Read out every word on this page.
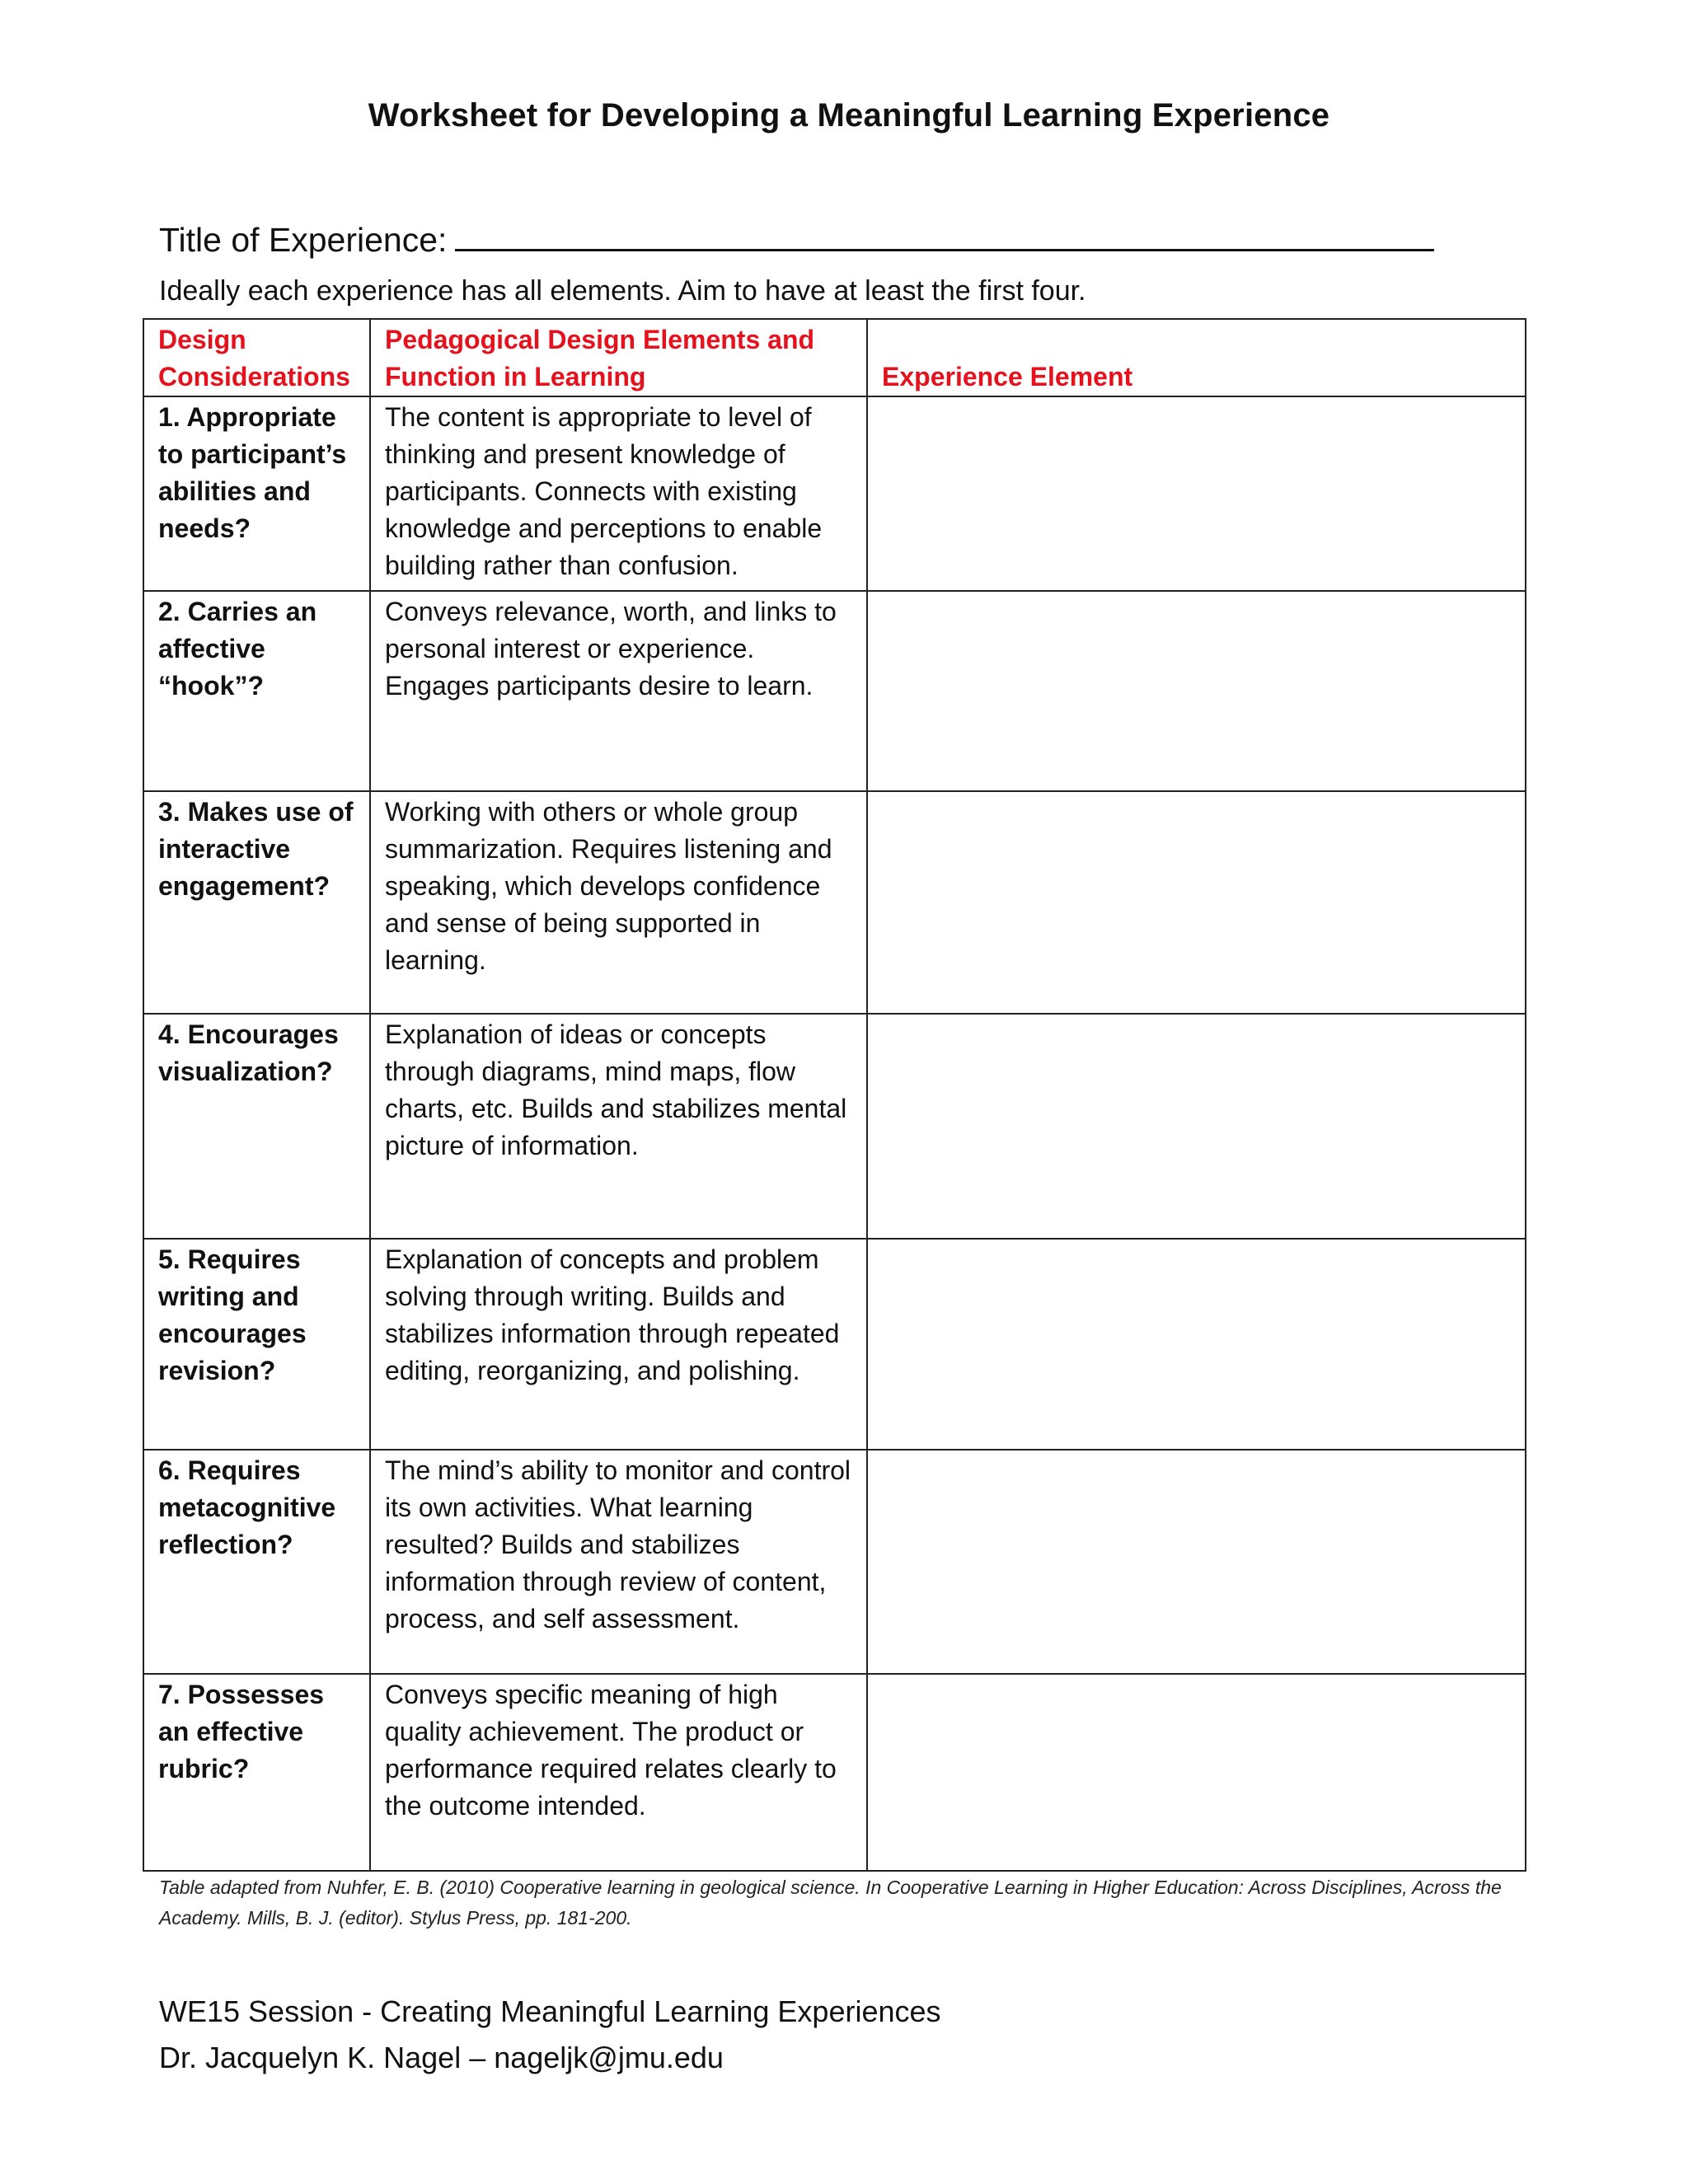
Worksheet for Developing a Meaningful Learning Experience
Title of Experience:
Ideally each experience has all elements. Aim to have at least the first four.
Design Considerations	Pedagogical Design Elements and Function in Learning	Experience Element
1. Appropriate to participant’s abilities and needs?	The content is appropriate to level of thinking and present knowledge of participants. Connects with existing knowledge and perceptions to enable building rather than confusion.	
2. Carries an affective “hook”?	Conveys relevance, worth, and links to personal interest or experience. Engages participants desire to learn.	
3. Makes use of interactive engagement?	Working with others or whole group summarization. Requires listening and speaking, which develops confidence and sense of being supported in learning.	
4. Encourages visualization?	Explanation of ideas or concepts through diagrams, mind maps, flow charts, etc. Builds and stabilizes mental picture of information.	
5. Requires writing and encourages revision?	Explanation of concepts and problem solving through writing. Builds and stabilizes information through repeated editing, reorganizing, and polishing.	
6. Requires metacognitive reflection?	The mind’s ability to monitor and control its own activities. What learning resulted? Builds and stabilizes information through review of content, process, and self assessment.	
7. Possesses an effective rubric?	Conveys specific meaning of high quality achievement. The product or performance required relates clearly to the outcome intended.	
Table adapted from Nuhfer, E. B. (2010) Cooperative learning in geological science. In Cooperative Learning in Higher Education: Across Disciplines, Across the Academy. Mills, B. J. (editor). Stylus Press, pp. 181-200.
WE15 Session - Creating Meaningful Learning Experiences
Dr. Jacquelyn K. Nagel – nageljk@jmu.edu
